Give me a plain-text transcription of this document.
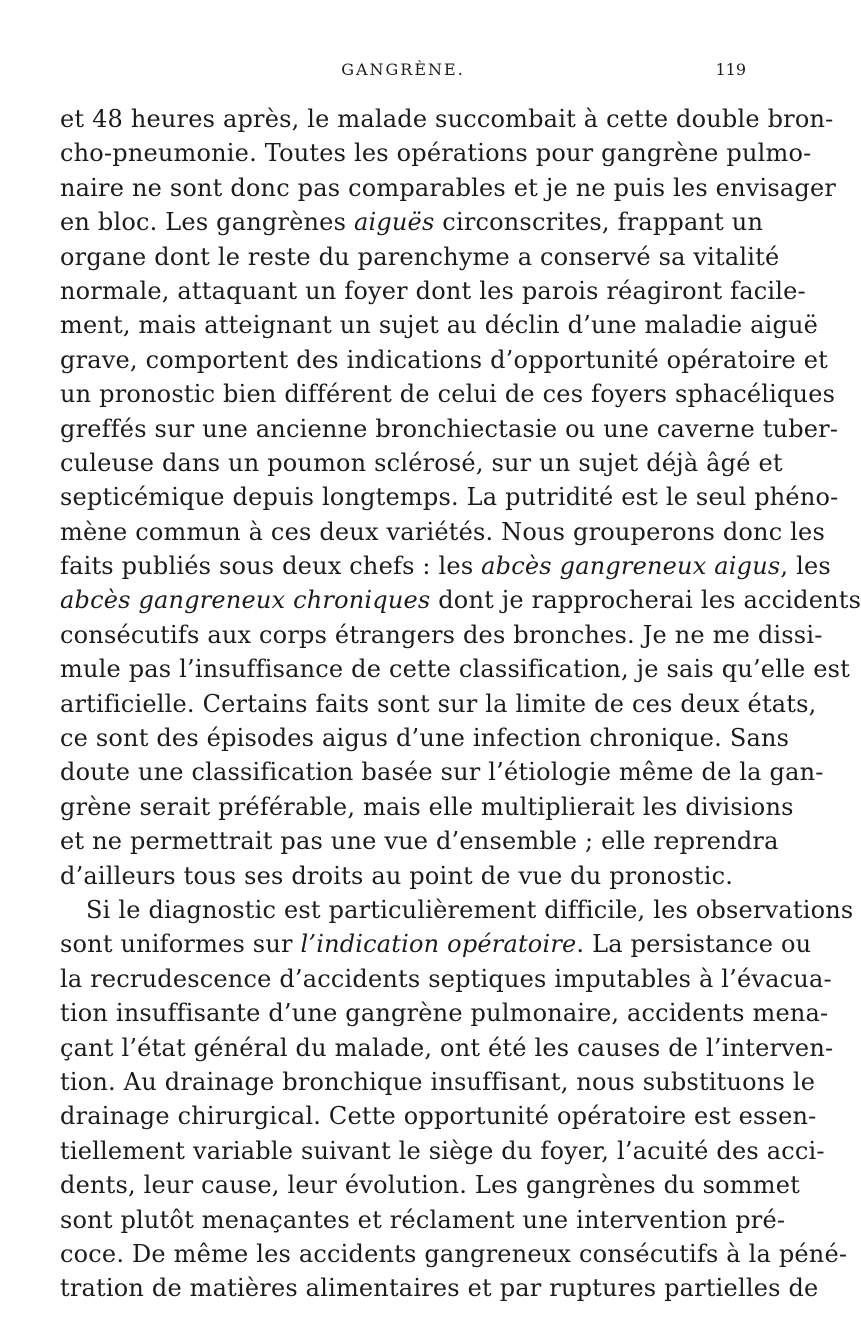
GANGRÈNE.	119
et 48 heures après, le malade succombait à cette double bron-
cho-pneumonie. Toutes les opérations pour gangrène pulmo-
naire ne sont donc pas comparables et je ne puis les envisager
en bloc. Les gangrènes aiguës circonscrites, frappant un
organe dont le reste du parenchyme a conservé sa vitalité
normale, attaquant un foyer dont les parois réagiront facile-
ment, mais atteignant un sujet au déclin d’une maladie aiguë
grave, comportent des indications d’opportunité opératoire et
un pronostic bien différent de celui de ces foyers sphacéliques
greffés sur une ancienne bronchiectasie ou une caverne tuber-
culeuse dans un poumon sclérosé, sur un sujet déjà âgé et
septicémique depuis longtemps. La putridité est le seul phéno-
mène commun à ces deux variétés. Nous grouperons donc les
faits publiés sous deux chefs : les abcès gangreneux aigus, les
abcès gangreneux chroniques dont je rapprocherai les accidents
consécutifs aux corps étrangers des bronches. Je ne me dissi-
mule pas l’insuffisance de cette classification, je sais qu’elle est
artificielle. Certains faits sont sur la limite de ces deux états,
ce sont des épisodes aigus d’une infection chronique. Sans
doute une classification basée sur l’étiologie même de la gan-
grène serait préférable, mais elle multiplierait les divisions
et ne permettrait pas une vue d’ensemble ; elle reprendra
d’ailleurs tous ses droits au point de vue du pronostic.
Si le diagnostic est particulièrement difficile, les observations
sont uniformes sur l’indication opératoire. La persistance ou
la recrudescence d’accidents septiques imputables à l’évacua-
tion insuffisante d’une gangrène pulmonaire, accidents mena-
çant l’état général du malade, ont été les causes de l’interven-
tion. Au drainage bronchique insuffisant, nous substituons le
drainage chirurgical. Cette opportunité opératoire est essen-
tiellement variable suivant le siège du foyer, l’acuité des acci-
dents, leur cause, leur évolution. Les gangrènes du sommet
sont plutôt menaçantes et réclament une intervention pré-
coce. De même les accidents gangreneux consécutifs à la péné-
tration de matières alimentaires et par ruptures partielles de
